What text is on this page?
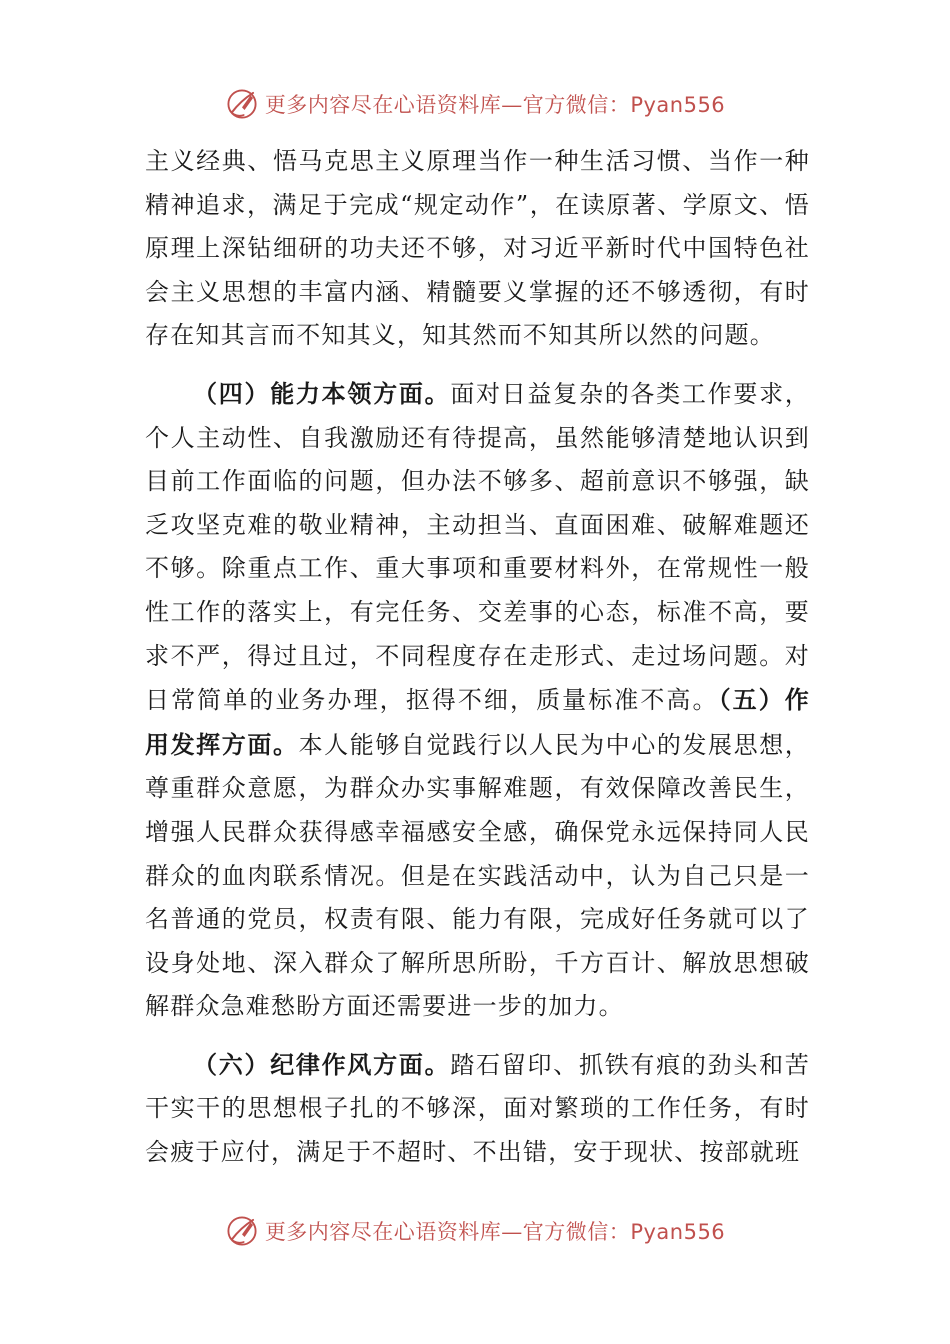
更多内容尽在心语资料库—官方微信：Pyan556

主义经典、悟马克思主义原理当作一种生活习惯、当作一种精神追求，满足于完成“规定动作”，在读原著、学原文、悟原理上深钻细研的功夫还不够，对习近平新时代中国特色社会主义思想的丰富内涵、精髓要义掌握的还不够透彻，有时存在知其言而不知其义，知其然而不知其所以然的问题。

（四）能力本领方面。面对日益复杂的各类工作要求，个人主动性、自我激励还有待提高，虽然能够清楚地认识到目前工作面临的问题，但办法不够多、超前意识不够强，缺乏攻坚克难的敬业精神，主动担当、直面困难、破解难题还不够。除重点工作、重大事项和重要材料外，在常规性一般性工作的落实上，有完任务、交差事的心态，标准不高，要求不严，得过且过，不同程度存在走形式、走过场问题。对日常简单的业务办理，抠得不细，质量标准不高。（五）作用发挥方面。本人能够自觉践行以人民为中心的发展思想，尊重群众意愿，为群众办实事解难题，有效保障改善民生，增强人民群众获得感幸福感安全感，确保党永远保持同人民群众的血肉联系情况。但是在实践活动中，认为自己只是一名普通的党员，权责有限、能力有限，完成好任务就可以了设身处地、深入群众了解所思所盼，千方百计、解放思想破解群众急难愁盼方面还需要进一步的加力。

（六）纪律作风方面。踏石留印、抓铁有痕的劲头和苦干实干的思想根子扎的不够深，面对繁琐的工作任务，有时会疲于应付，满足于不超时、不出错，安于现状、按部就班

更多内容尽在心语资料库—官方微信：Pyan556
